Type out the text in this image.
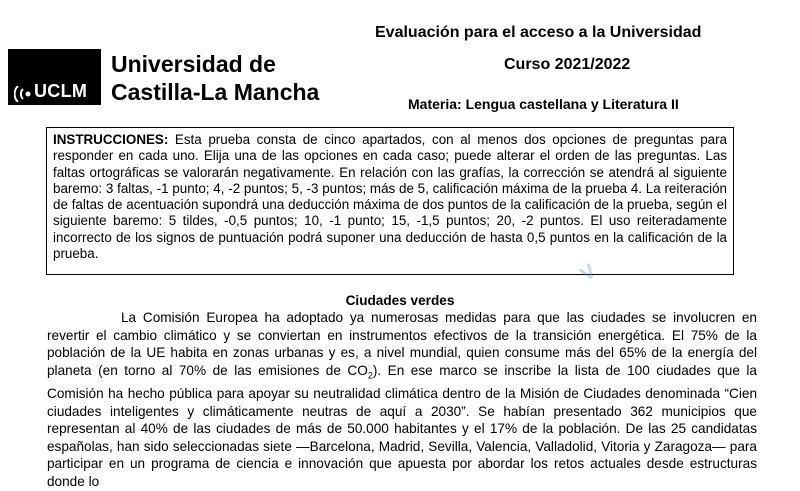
UCLM
Universidad de
Castilla-La Mancha
Evaluación para el acceso a la Universidad
Curso 2021/2022
Materia: Lengua castellana y Literatura II
INSTRUCCIONES: Esta prueba consta de cinco apartados, con al menos dos opciones de preguntas para responder en cada uno. Elija una de las opciones en cada caso; puede alterar el orden de las preguntas. Las faltas ortográficas se valorarán negativamente. En relación con las grafías, la corrección se atendrá al siguiente baremo: 3 faltas, -1 punto; 4, -2 puntos; 5, -3 puntos; más de 5, calificación máxima de la prueba 4. La reiteración de faltas de acentuación supondrá una deducción máxima de dos puntos de la calificación de la prueba, según el siguiente baremo: 5 tildes, -0,5 puntos; 10, -1 punto; 15, -1,5 puntos; 20, -2 puntos. El uso reiteradamente incorrecto de los signos de puntuación podrá suponer una deducción de hasta 0,5 puntos en la calificación de la prueba.
V
Ciudades verdes

La Comisión Europea ha adoptado ya numerosas medidas para que las ciudades se involucren en revertir el cambio climático y se conviertan en instrumentos efectivos de la transición energética. El 75% de la población de la UE habita en zonas urbanas y es, a nivel mundial, quien consume más del 65% de la energía del planeta (en torno al 70% de las emisiones de $CO_2$). En ese marco se inscribe la lista de 100 ciudades que la Comisión ha hecho pública para apoyar su neutralidad climática dentro de la Misión de Ciudades denominada “Cien ciudades inteligentes y climáticamente neutras de aquí a 2030”. Se habían presentado 362 municipios que representan al 40% de las ciudades de más de 50.000 habitantes y el 17% de la población. De las 25 candidatas españolas, han sido seleccionadas siete —Barcelona, Madrid, Sevilla, Valencia, Valladolid, Vitoria y Zaragoza— para participar en un programa de ciencia e innovación que apuesta por abordar los retos actuales desde estructuras donde lo
